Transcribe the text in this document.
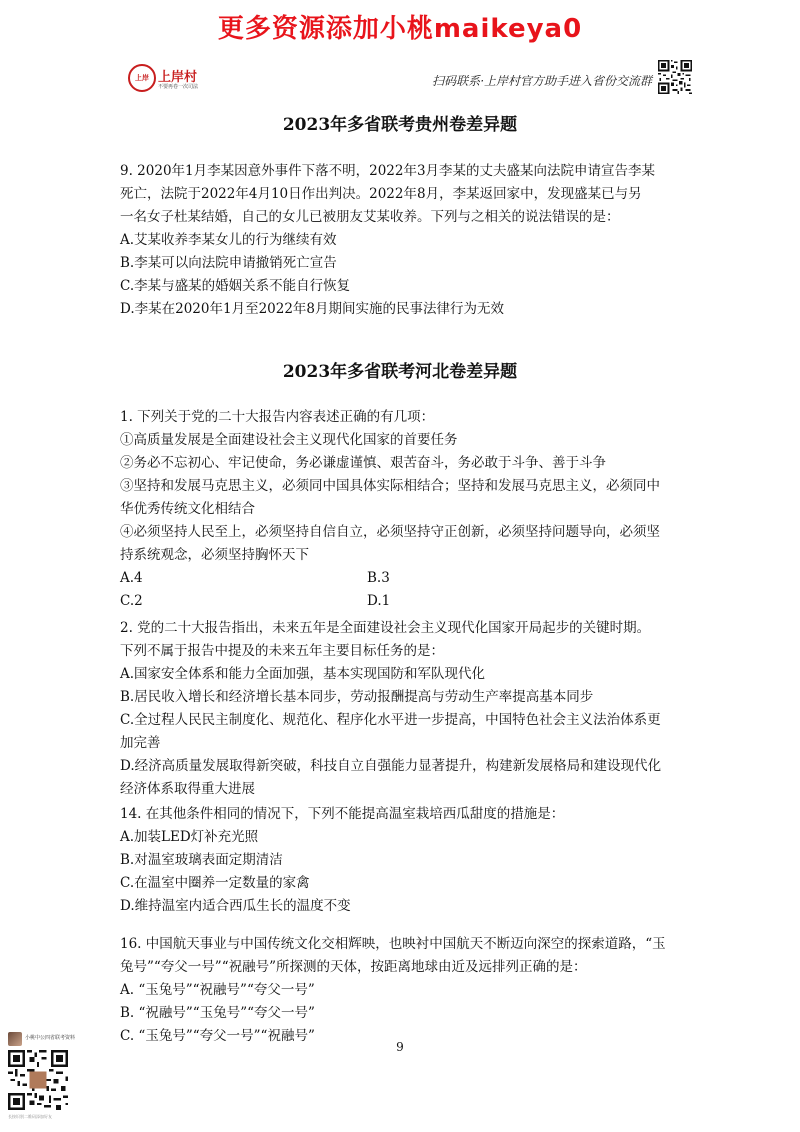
更多资源添加小桃maikeya0
上岸 上岸村
不要再卷一次司法	扫码联系·上岸村官方助手进入省份交流群
2023年多省联考贵州卷差异题
9. 2020年1月李某因意外事件下落不明，2022年3月李某的丈夫盛某向法院申请宣告李某
死亡，法院于2022年4月10日作出判决。2022年8月，李某返回家中，发现盛某已与另
一名女子杜某结婚，自己的女儿已被朋友艾某收养。下列与之相关的说法错误的是：
A.艾某收养李某女儿的行为继续有效
B.李某可以向法院申请撤销死亡宣告
C.李某与盛某的婚姻关系不能自行恢复
D.李某在2020年1月至2022年8月期间实施的民事法律行为无效
2023年多省联考河北卷差异题
1. 下列关于党的二十大报告内容表述正确的有几项：
①高质量发展是全面建设社会主义现代化国家的首要任务
②务必不忘初心、牢记使命，务必谦虚谨慎、艰苦奋斗，务必敢于斗争、善于斗争
③坚持和发展马克思主义，必须同中国具体实际相结合；坚持和发展马克思主义，必须同中
华优秀传统文化相结合
④必须坚持人民至上，必须坚持自信自立，必须坚持守正创新，必须坚持问题导向，必须坚
持系统观念，必须坚持胸怀天下
A.4	B.3
C.2	D.1
2. 党的二十大报告指出，未来五年是全面建设社会主义现代化国家开局起步的关键时期。
下列不属于报告中提及的未来五年主要目标任务的是：
A.国家安全体系和能力全面加强，基本实现国防和军队现代化
B.居民收入增长和经济增长基本同步，劳动报酬提高与劳动生产率提高基本同步
C.全过程人民民主制度化、规范化、程序化水平进一步提高，中国特色社会主义法治体系更
加完善
D.经济高质量发展取得新突破，科技自立自强能力显著提升，构建新发展格局和建设现代化
经济体系取得重大进展
14. 在其他条件相同的情况下，下列不能提高温室栽培西瓜甜度的措施是：
A.加装LED灯补充光照
B.对温室玻璃表面定期清洁
C.在温室中圈养一定数量的家禽
D.维持温室内适合西瓜生长的温度不变
16. 中国航天事业与中国传统文化交相辉映，也映衬中国航天不断迈向深空的探索道路，“玉
兔号”“夸父一号”“祝融号”所探测的天体，按距离地球由近及远排列正确的是：
A. “玉兔号”“祝融号”“夸父一号”
B. “祝融号”“玉兔号”“夸父一号”
C. “玉兔号”“夸父一号”“祝融号”
9
小桃中公四省联考资料
长按识别二维码添加好友
